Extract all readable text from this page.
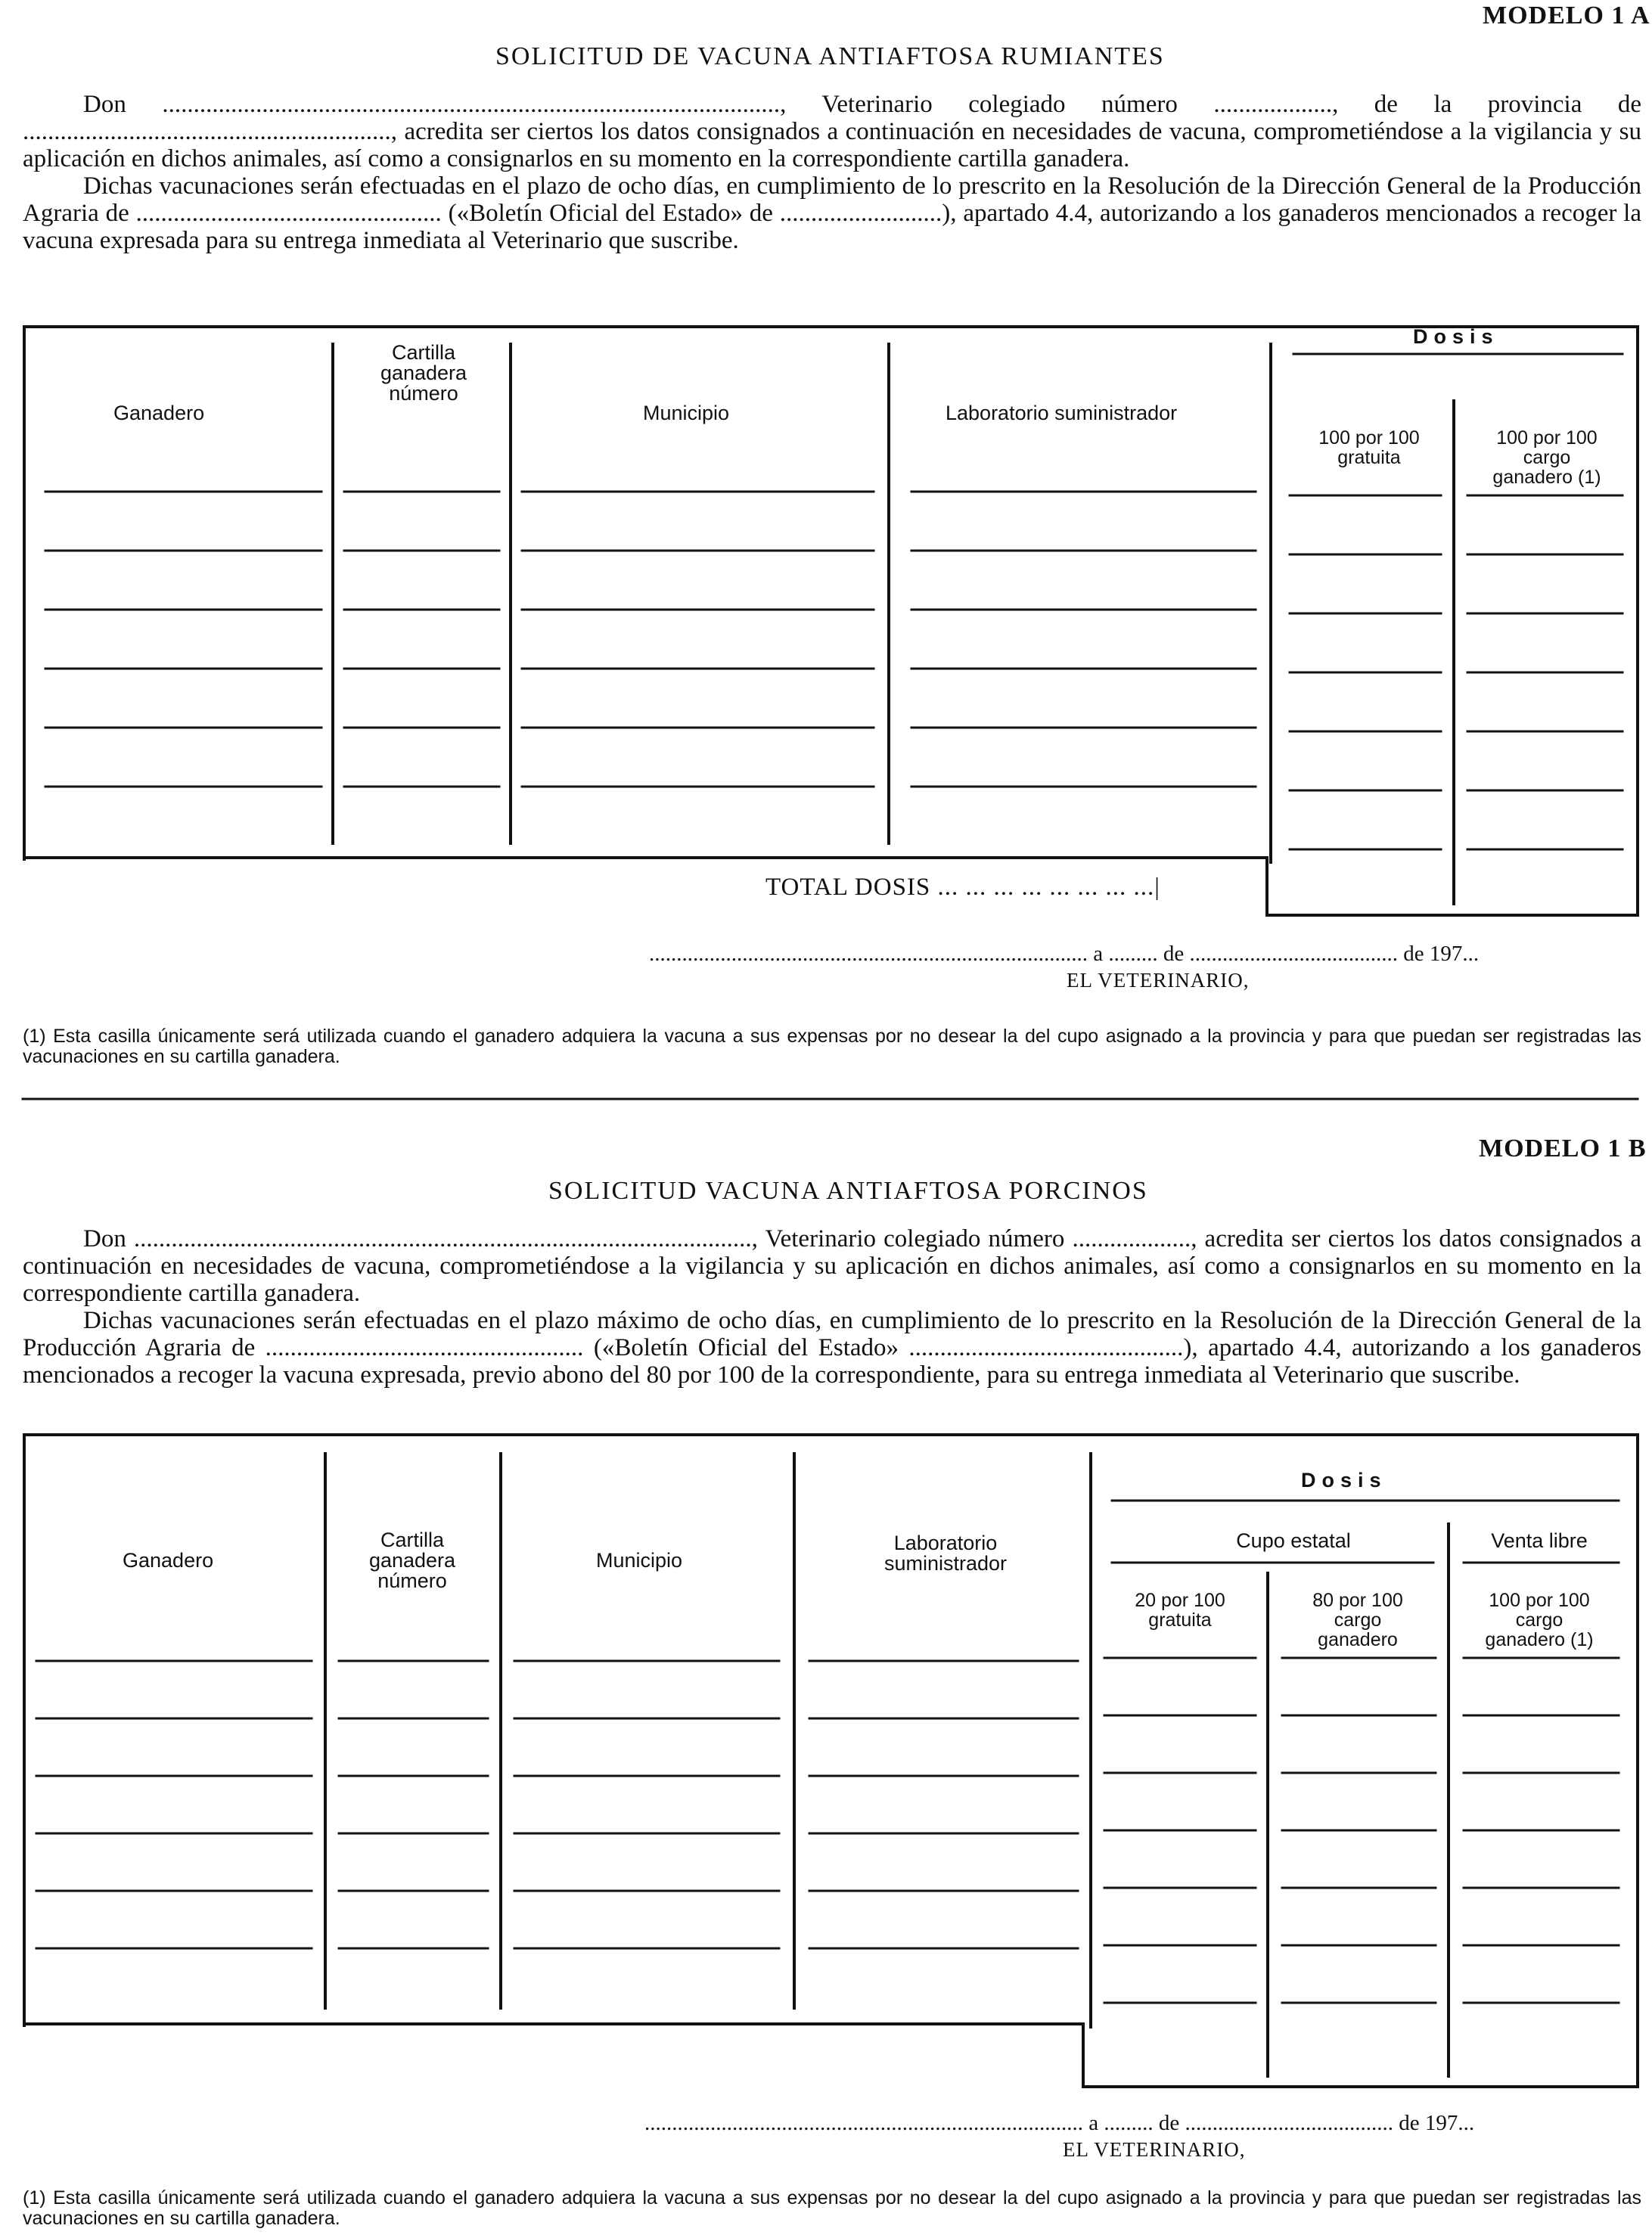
MODELO 1 A
SOLICITUD DE VACUNA ANTIAFTOSA RUMIANTES

Don ..................................................................................................., Veterinario colegiado número ..................., de la provincia de ..........................................................., acredita ser ciertos los datos consignados a continuación en necesidades de vacuna, comprometiéndose a la vigilancia y su aplicación en dichos animales, así como a consignarlos en su momento en la correspondiente cartilla ganadera.

Dichas vacunaciones serán efectuadas en el plazo de ocho días, en cumplimiento de lo prescrito en la Resolución de la Dirección General de la Producción Agraria de ................................................. («Boletín Oficial del Estado» de ..........................), apartado 4.4, autorizando a los ganaderos mencionados a recoger la vacuna expresada para su entrega inmediata al Veterinario que suscribe.

Ganadero
Cartilla
ganadera
número
Municipio	Laboratorio suministrador
Dosis
100 por 100
gratuita
100 por 100
cargo
ganadero (1)
TOTAL DOSIS ... ... ... ... ... ... ... ...|
................................................................................ a ......... de ...................................... de 197...
EL VETERINARIO,
(1) Esta casilla únicamente será utilizada cuando el ganadero adquiera la vacuna a sus expensas por no desear la del cupo asignado a la provincia y para que puedan ser registradas las vacunaciones en su cartilla ganadera.
MODELO 1 B
SOLICITUD VACUNA ANTIAFTOSA PORCINOS

Don ..................................................................................................., Veterinario colegiado número ..................., acredita ser ciertos los datos consignados a continuación en necesidades de vacuna, comprometiéndose a la vigilancia y su aplicación en dichos animales, así como a consignarlos en su momento en la correspondiente cartilla ganadera.

Dichas vacunaciones serán efectuadas en el plazo máximo de ocho días, en cumplimiento de lo prescrito en la Resolución de la Dirección General de la Producción Agraria de ................................................... («Boletín Oficial del Estado» ............................................), apartado 4.4, autorizando a los ganaderos mencionados a recoger la vacuna expresada, previo abono del 80 por 100 de la correspondiente, para su entrega inmediata al Veterinario que suscribe.

Ganadero
Cartilla
ganadera
número
Municipio
Laboratorio
suministrador
Dosis
Cupo estatal	Venta libre
20 por 100
gratuita
80 por 100
cargo
ganadero
100 por 100
cargo
ganadero (1)
................................................................................ a ......... de ...................................... de 197...
EL VETERINARIO,
(1) Esta casilla únicamente será utilizada cuando el ganadero adquiera la vacuna a sus expensas por no desear la del cupo asignado a la provincia y para que puedan ser registradas las vacunaciones en su cartilla ganadera.
